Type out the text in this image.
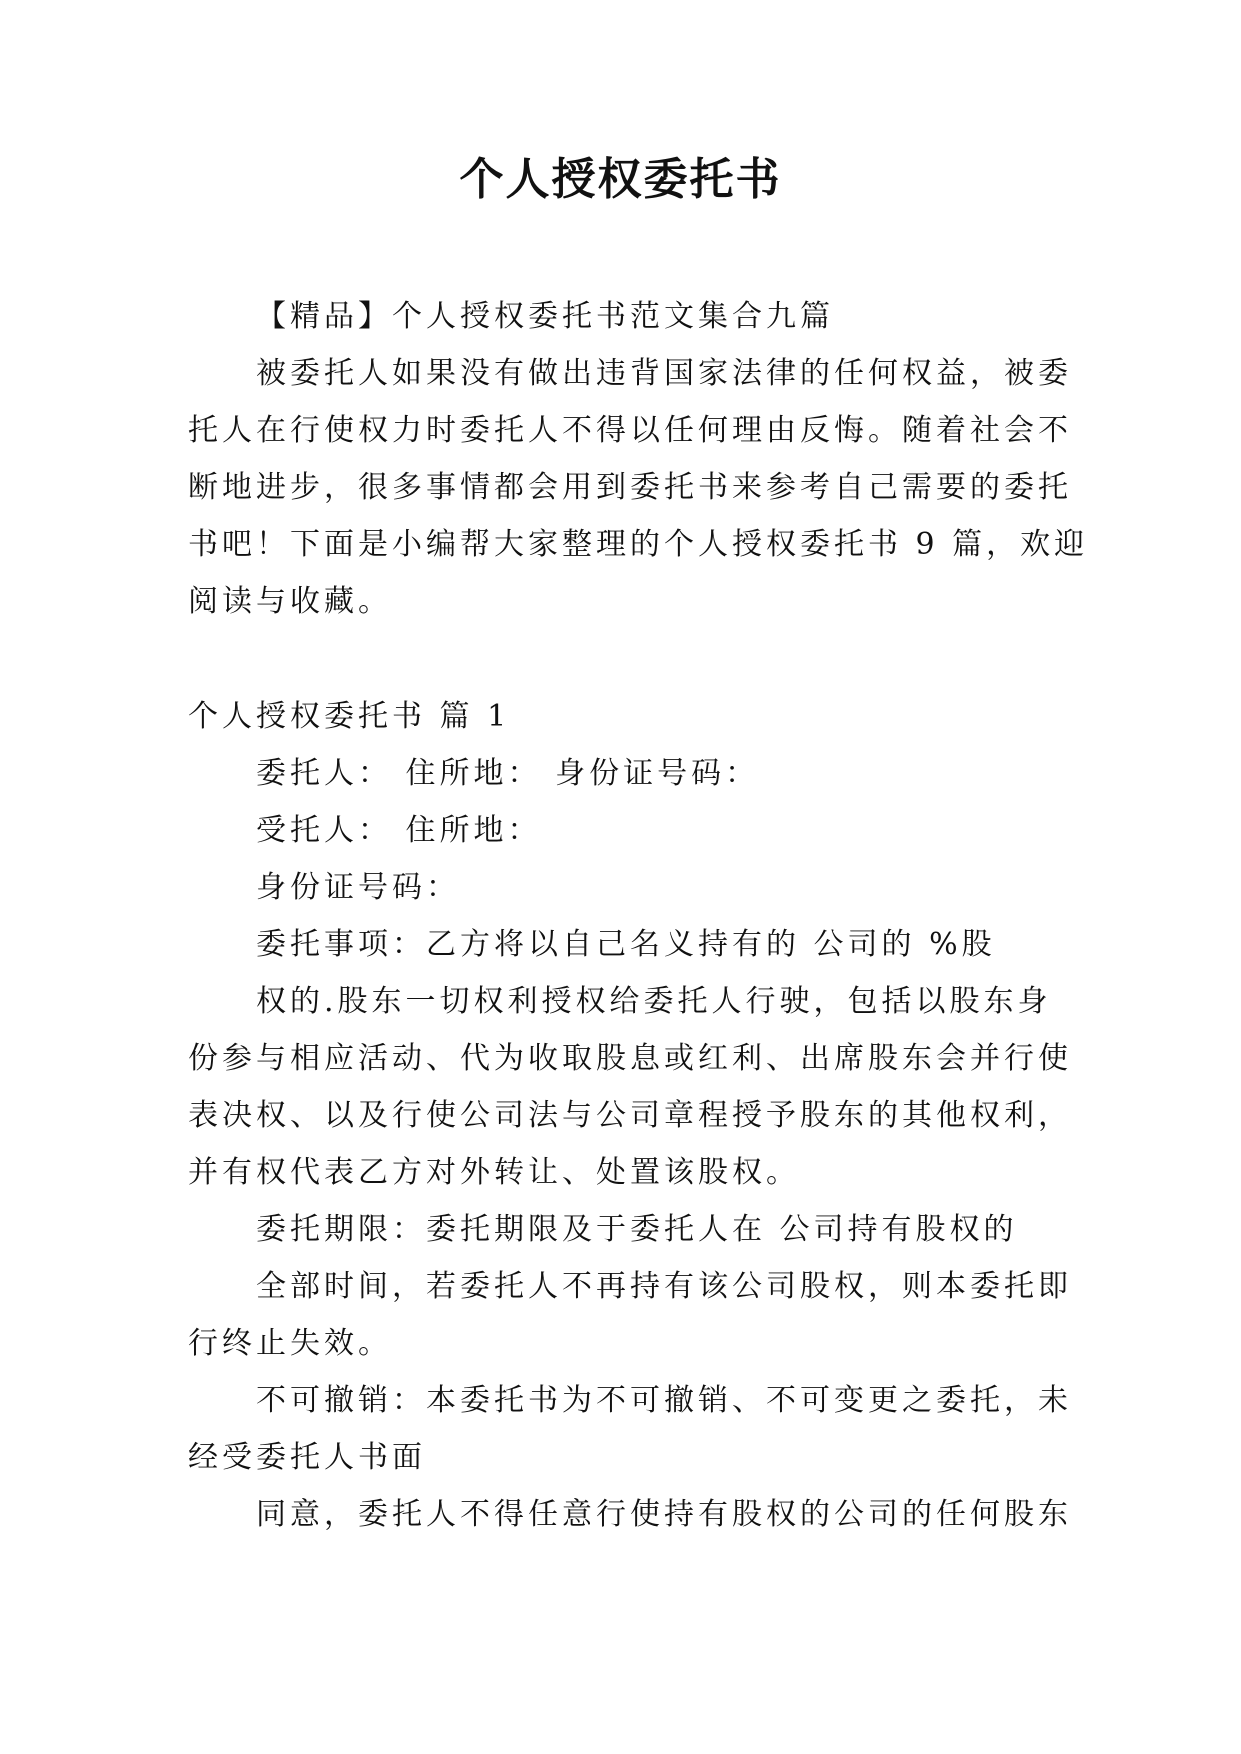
个人授权委托书
【精品】个人授权委托书范文集合九篇
被委托人如果没有做出违背国家法律的任何权益，被委
托人在行使权力时委托人不得以任何理由反悔。随着社会不
断地进步，很多事情都会用到委托书来参考自己需要的委托
书吧！下面是小编帮大家整理的个人授权委托书 9 篇，欢迎
阅读与收藏。
个人授权委托书 篇 1
委托人： 住所地： 身份证号码：
受托人： 住所地：
身份证号码：
委托事项：乙方将以自己名义持有的 公司的 %股
权的.股东一切权利授权给委托人行驶，包括以股东身
份参与相应活动、代为收取股息或红利、出席股东会并行使
表决权、以及行使公司法与公司章程授予股东的其他权利，
并有权代表乙方对外转让、处置该股权。
委托期限：委托期限及于委托人在 公司持有股权的
全部时间，若委托人不再持有该公司股权，则本委托即
行终止失效。
不可撤销：本委托书为不可撤销、不可变更之委托，未
经受委托人书面
同意，委托人不得任意行使持有股权的公司的任何股东
